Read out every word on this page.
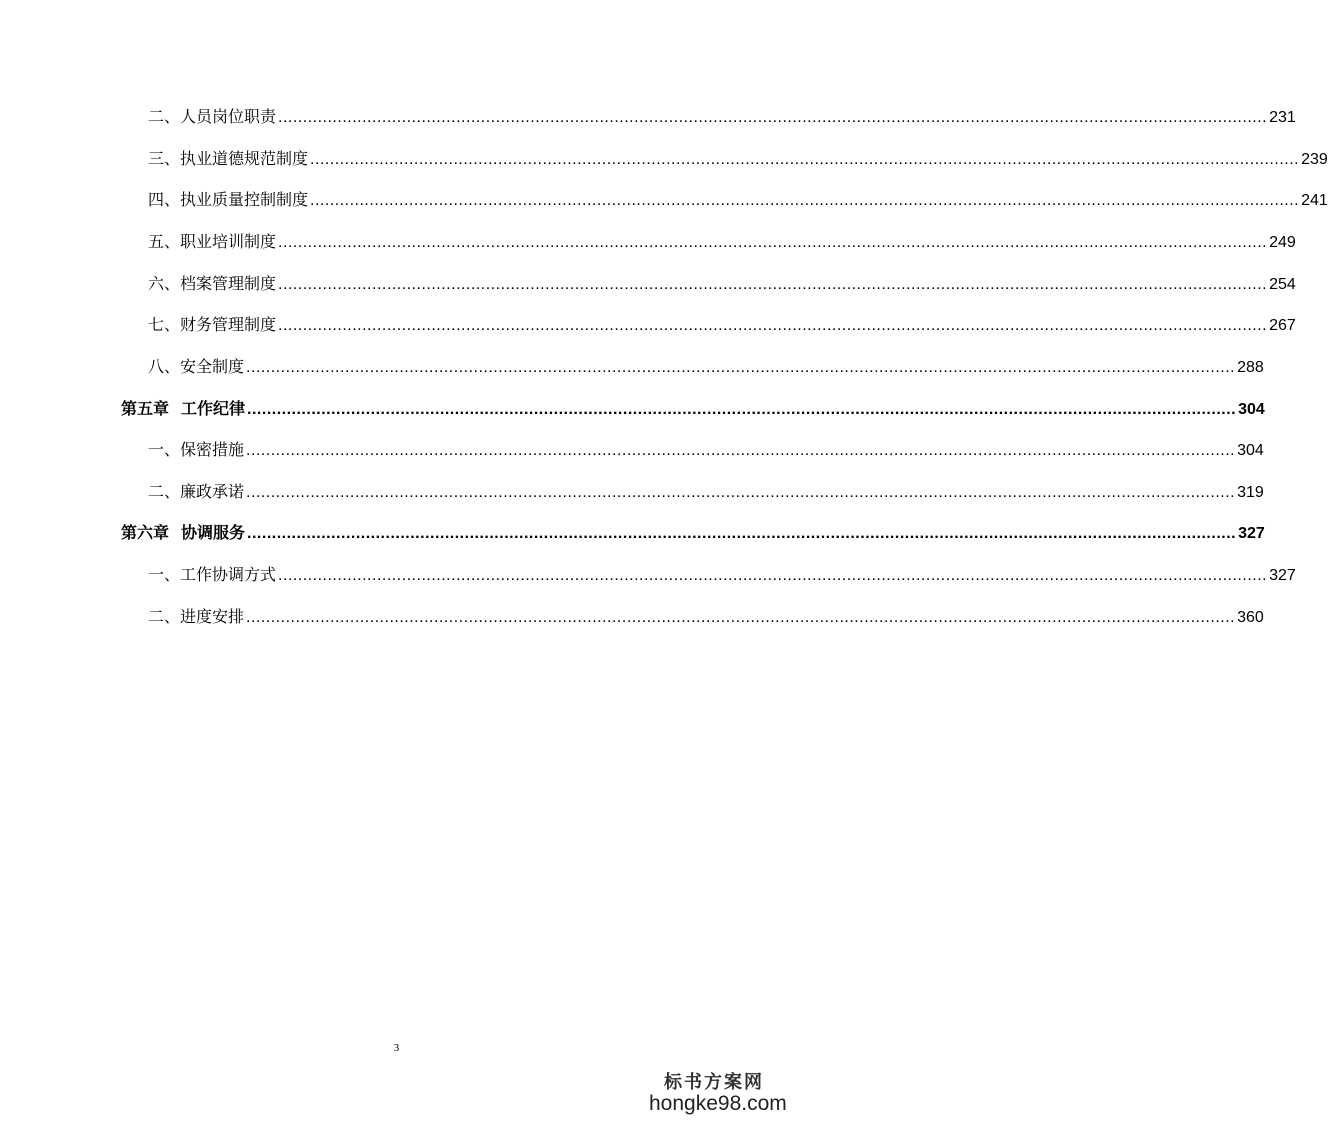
二、 人员岗位职责 ........................................................................................................................................................................................................ 231
三、 执业道德规范制度 ........................................................................................................................................................................................................ 239
四、 执业质量控制制度 ........................................................................................................................................................................................................ 241
五、 职业培训制度 ........................................................................................................................................................................................................ 249
六、 档案管理制度 ........................................................................................................................................................................................................ 254
七、 财务管理制度 ........................................................................................................................................................................................................ 267
八、 安全制度 ........................................................................................................................................................................................................ 288
第五章 工作纪律 ........................................................................................................................................................................................................ 304
一、 保密措施 ........................................................................................................................................................................................................ 304
二、 廉政承诺 ........................................................................................................................................................................................................ 319
第六章 协调服务 ........................................................................................................................................................................................................ 327
一、 工作协调方式 ........................................................................................................................................................................................................ 327
二、 进度安排 ........................................................................................................................................................................................................ 360
3
标书方案网
hongke98.com
